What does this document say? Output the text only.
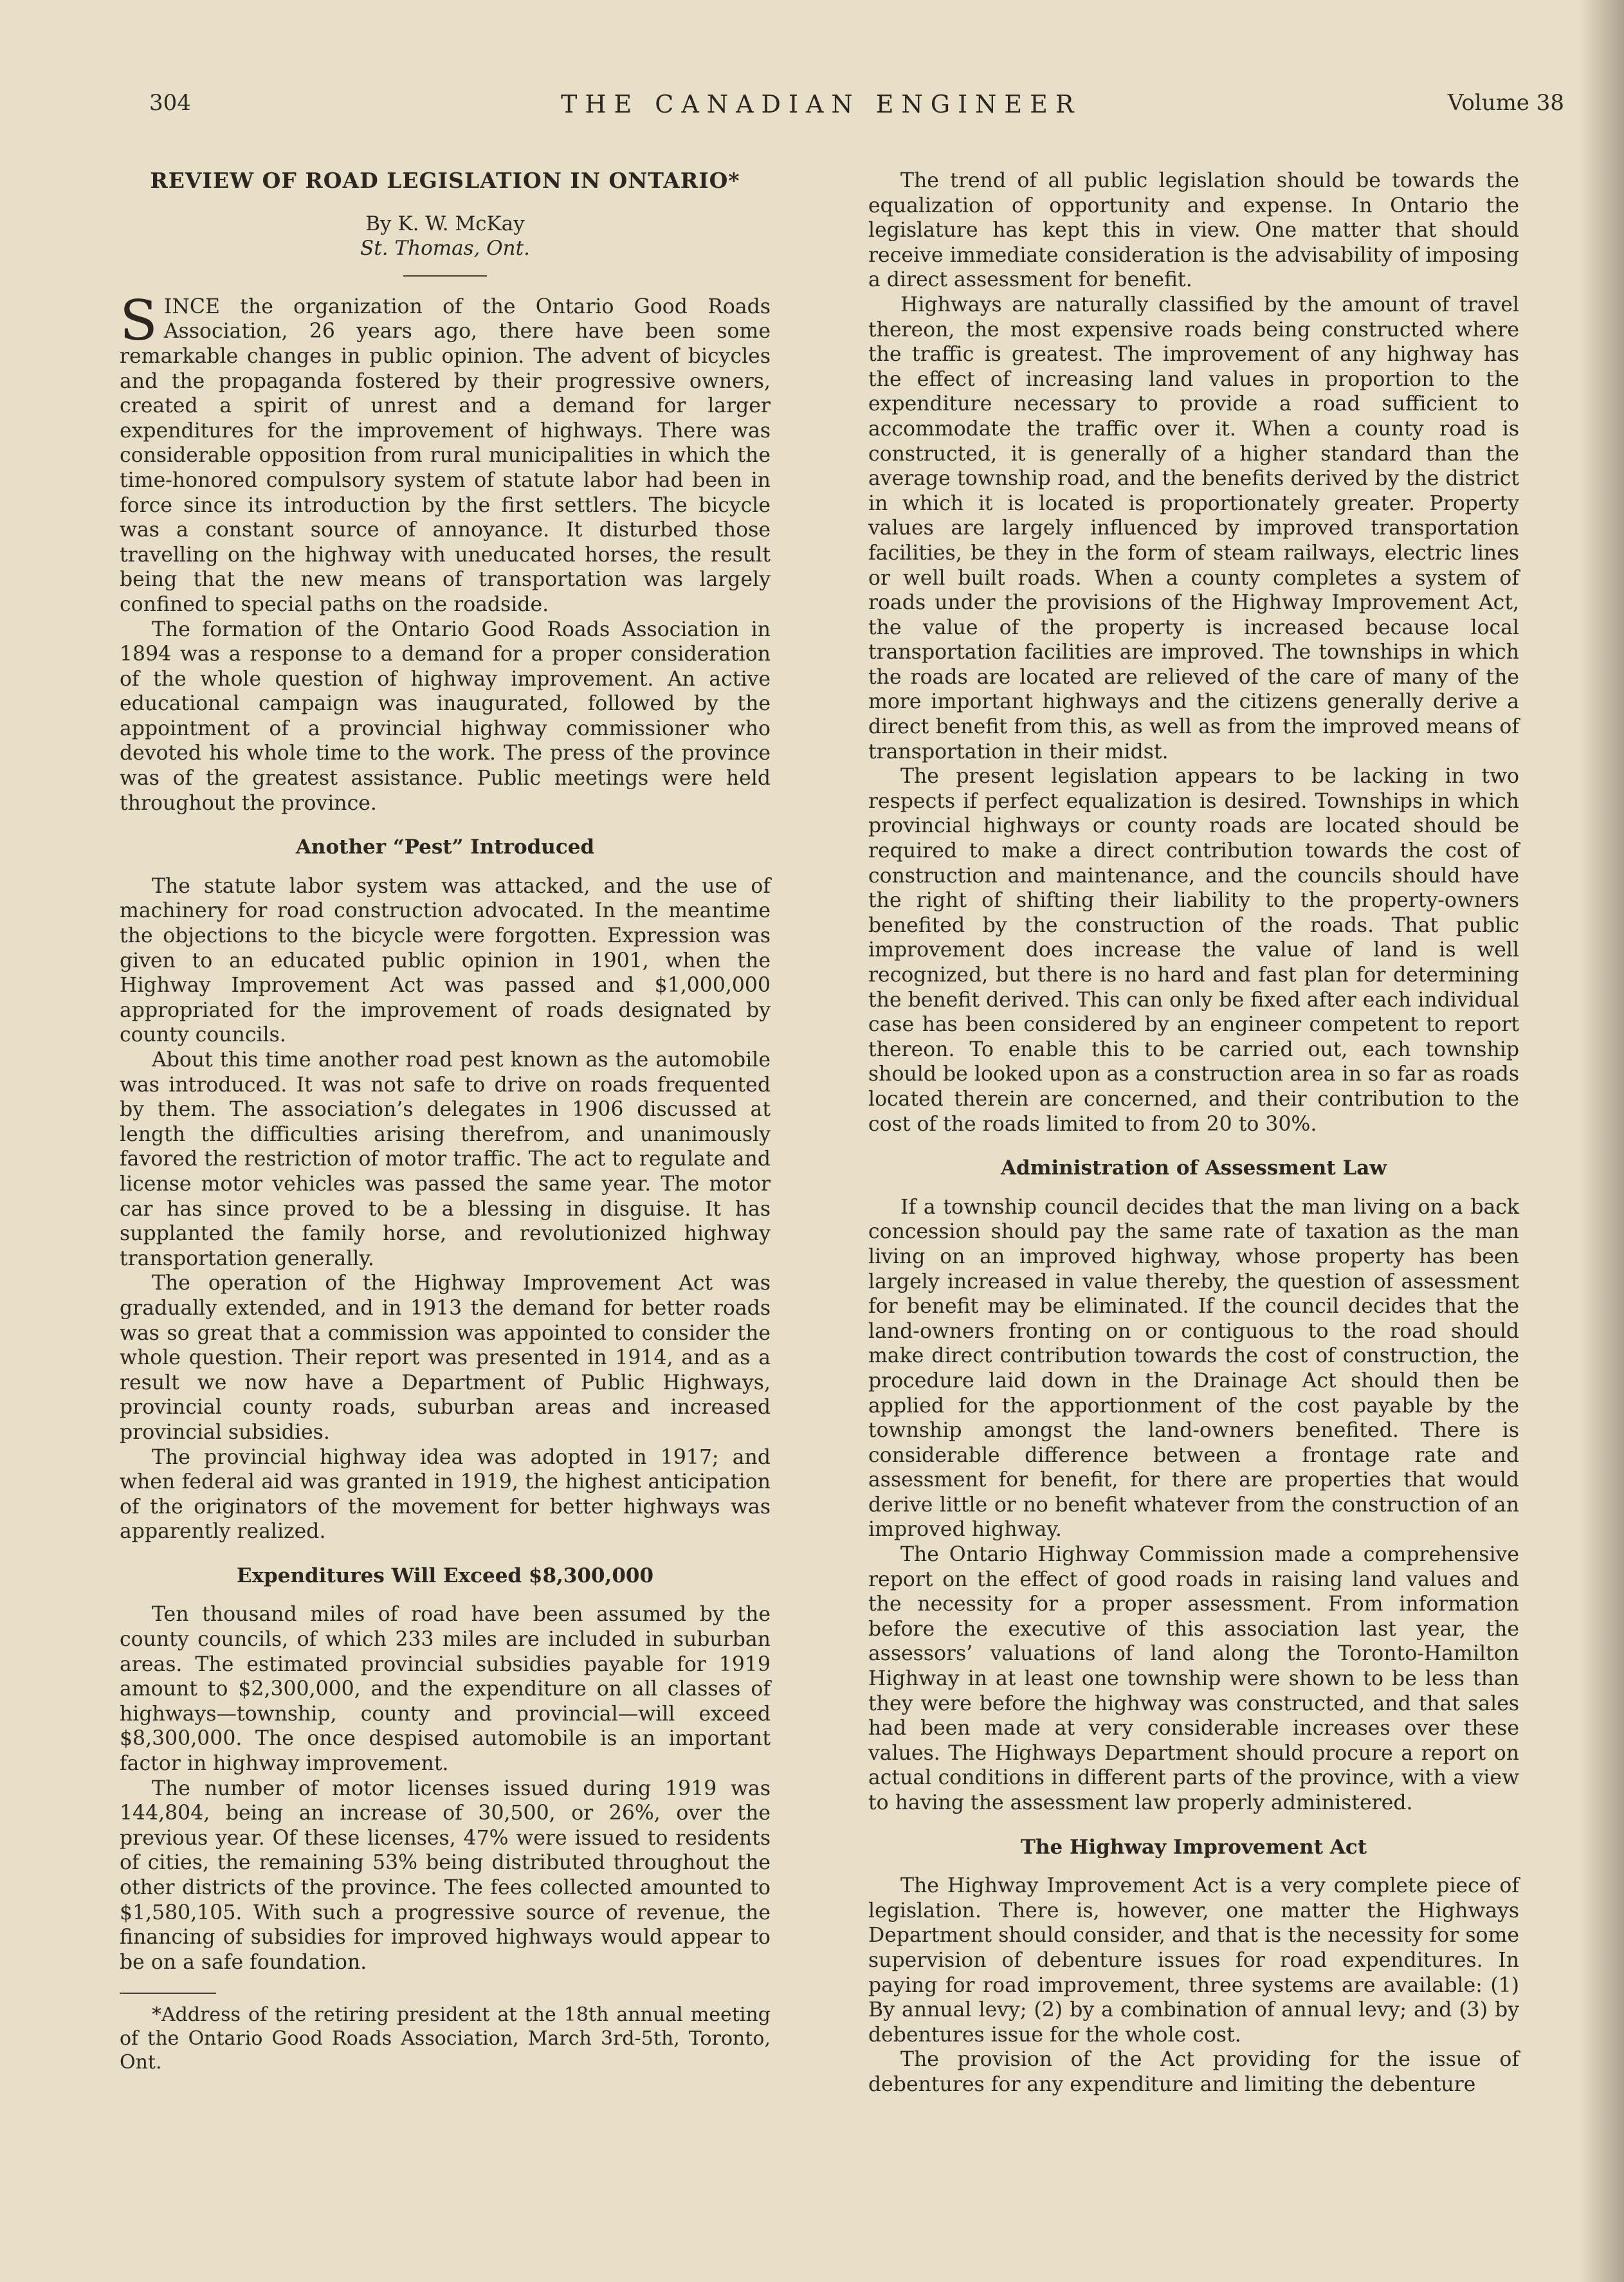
304	THE CANADIAN ENGINEER	Volume 38
REVIEW OF ROAD LEGISLATION IN ONTARIO*
By K. W. McKay
St. Thomas, Ont.

SINCE the organization of the Ontario Good Roads Association, 26 years ago, there have been some remarkable changes in public opinion. The advent of bicycles and the propaganda fostered by their progressive owners, created a spirit of unrest and a demand for larger expenditures for the improvement of highways. There was considerable opposition from rural municipalities in which the time-honored compulsory system of statute labor had been in force since its introduction by the first settlers. The bicycle was a constant source of annoyance. It disturbed those travelling on the highway with uneducated horses, the result being that the new means of transportation was largely confined to special paths on the roadside.

The formation of the Ontario Good Roads Association in 1894 was a response to a demand for a proper consideration of the whole question of highway improvement. An active educational campaign was inaugurated, followed by the appointment of a provincial highway commissioner who devoted his whole time to the work. The press of the province was of the greatest assistance. Public meetings were held throughout the province.

Another “Pest” Introduced

The statute labor system was attacked, and the use of machinery for road construction advocated. In the meantime the objections to the bicycle were forgotten. Expression was given to an educated public opinion in 1901, when the Highway Improvement Act was passed and $1,000,000 appropriated for the improvement of roads designated by county councils.

About this time another road pest known as the automobile was introduced. It was not safe to drive on roads frequented by them. The association’s delegates in 1906 discussed at length the difficulties arising therefrom, and unanimously favored the restriction of motor traffic. The act to regulate and license motor vehicles was passed the same year. The motor car has since proved to be a blessing in disguise. It has supplanted the family horse, and revolutionized highway transportation generally.

The operation of the Highway Improvement Act was gradually extended, and in 1913 the demand for better roads was so great that a commission was appointed to consider the whole question. Their report was presented in 1914, and as a result we now have a Department of Public Highways, provincial county roads, suburban areas and increased provincial subsidies.

The provincial highway idea was adopted in 1917; and when federal aid was granted in 1919, the highest anticipation of the originators of the movement for better highways was apparently realized.

Expenditures Will Exceed $8,300,000

Ten thousand miles of road have been assumed by the county councils, of which 233 miles are included in suburban areas. The estimated provincial subsidies payable for 1919 amount to $2,300,000, and the expenditure on all classes of highways—township, county and provincial—will exceed $8,300,000. The once despised automobile is an important factor in highway improvement.

The number of motor licenses issued during 1919 was 144,804, being an increase of 30,500, or 26%, over the previous year. Of these licenses, 47% were issued to residents of cities, the remaining 53% being distributed throughout the other districts of the province. The fees collected amounted to $1,580,105. With such a progressive source of revenue, the financing of subsidies for improved highways would appear to be on a safe foundation.

*Address of the retiring president at the 18th annual meeting of the Ontario Good Roads Association, March 3rd-5th, Toronto, Ont.

The trend of all public legislation should be towards the equalization of opportunity and expense. In Ontario the legislature has kept this in view. One matter that should receive immediate consideration is the advisability of imposing a direct assessment for benefit.

Highways are naturally classified by the amount of travel thereon, the most expensive roads being constructed where the traffic is greatest. The improvement of any highway has the effect of increasing land values in proportion to the expenditure necessary to provide a road sufficient to accommodate the traffic over it. When a county road is constructed, it is generally of a higher standard than the average township road, and the benefits derived by the district in which it is located is proportionately greater. Property values are largely influenced by improved transportation facilities, be they in the form of steam railways, electric lines or well built roads. When a county completes a system of roads under the provisions of the Highway Improvement Act, the value of the property is increased because local transportation facilities are improved. The townships in which the roads are located are relieved of the care of many of the more important highways and the citizens generally derive a direct benefit from this, as well as from the improved means of transportation in their midst.

The present legislation appears to be lacking in two respects if perfect equalization is desired. Townships in which provincial highways or county roads are located should be required to make a direct contribution towards the cost of construction and maintenance, and the councils should have the right of shifting their liability to the property-owners benefited by the construction of the roads. That public improvement does increase the value of land is well recognized, but there is no hard and fast plan for determining the benefit derived. This can only be fixed after each individual case has been considered by an engineer competent to report thereon. To enable this to be carried out, each township should be looked upon as a construction area in so far as roads located therein are concerned, and their contribution to the cost of the roads limited to from 20 to 30%.

Administration of Assessment Law

If a township council decides that the man living on a back concession should pay the same rate of taxation as the man living on an improved highway, whose property has been largely increased in value thereby, the question of assessment for benefit may be eliminated. If the council decides that the land-owners fronting on or contiguous to the road should make direct contribution towards the cost of construction, the procedure laid down in the Drainage Act should then be applied for the apportionment of the cost payable by the township amongst the land-owners benefited. There is considerable difference between a frontage rate and assessment for benefit, for there are properties that would derive little or no benefit whatever from the construction of an improved highway.

The Ontario Highway Commission made a comprehensive report on the effect of good roads in raising land values and the necessity for a proper assessment. From information before the executive of this association last year, the assessors’ valuations of land along the Toronto-Hamilton Highway in at least one township were shown to be less than they were before the highway was constructed, and that sales had been made at very considerable increases over these values. The Highways Department should procure a report on actual conditions in different parts of the province, with a view to having the assessment law properly administered.

The Highway Improvement Act

The Highway Improvement Act is a very complete piece of legislation. There is, however, one matter the Highways Department should consider, and that is the necessity for some supervision of debenture issues for road expenditures. In paying for road improvement, three systems are available: (1) By annual levy; (2) by a combination of annual levy; and (3) by debentures issue for the whole cost.

The provision of the Act providing for the issue of debentures for any expenditure and limiting the debenture
